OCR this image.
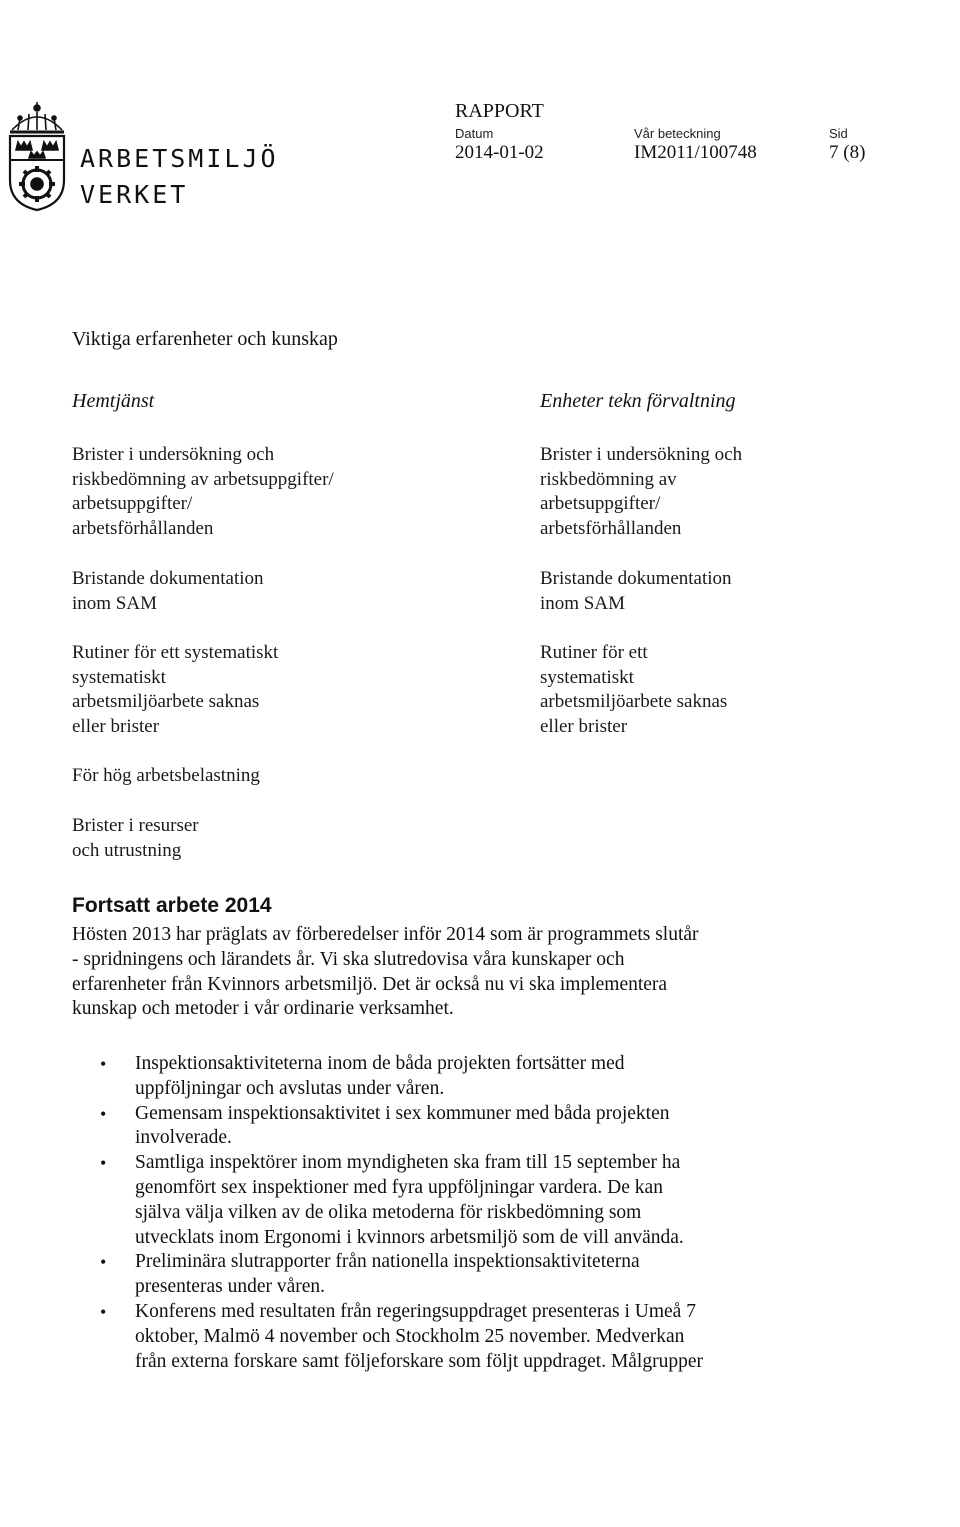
ARBETSMILJÖ
VERKET
RAPPORT
Datum
2014-01-02
Vår beteckning
IM2011/100748
Sid
7 (8)
Viktiga erfarenheter och kunskap
Hemtjänst
Brister i undersökning och
riskbedömning av arbetsuppgifter/
arbetsuppgifter/
arbetsförhållanden
Bristande dokumentation
inom SAM
Rutiner för ett systematiskt
systematiskt
arbetsmiljöarbete saknas
eller brister
För hög arbetsbelastning
Brister i resurser
och utrustning
Enheter tekn förvaltning
Brister i undersökning och
riskbedömning av
arbetsuppgifter/
arbetsförhållanden
Bristande dokumentation
inom SAM
Rutiner för ett
systematiskt
arbetsmiljöarbete saknas
eller brister
Fortsatt arbete 2014
Hösten 2013 har präglats av förberedelser inför 2014 som är programmets slutår
- spridningens och lärandets år. Vi ska slutredovisa våra kunskaper och
erfarenheter från Kvinnors arbetsmiljö. Det är också nu vi ska implementera
kunskap och metoder i vår ordinarie verksamhet.
• Inspektionsaktiviteterna inom de båda projekten fortsätter med
uppföljningar och avslutas under våren.
• Gemensam inspektionsaktivitet i sex kommuner med båda projekten
involverade.
• Samtliga inspektörer inom myndigheten ska fram till 15 september ha
genomfört sex inspektioner med fyra uppföljningar vardera. De kan
själva välja vilken av de olika metoderna för riskbedömning som
utvecklats inom Ergonomi i kvinnors arbetsmiljö som de vill använda.
• Preliminära slutrapporter från nationella inspektionsaktiviteterna
presenteras under våren.
• Konferens med resultaten från regeringsuppdraget presenteras i Umeå 7
oktober, Malmö 4 november och Stockholm 25 november. Medverkan
från externa forskare samt följeforskare som följt uppdraget. Målgrupper
